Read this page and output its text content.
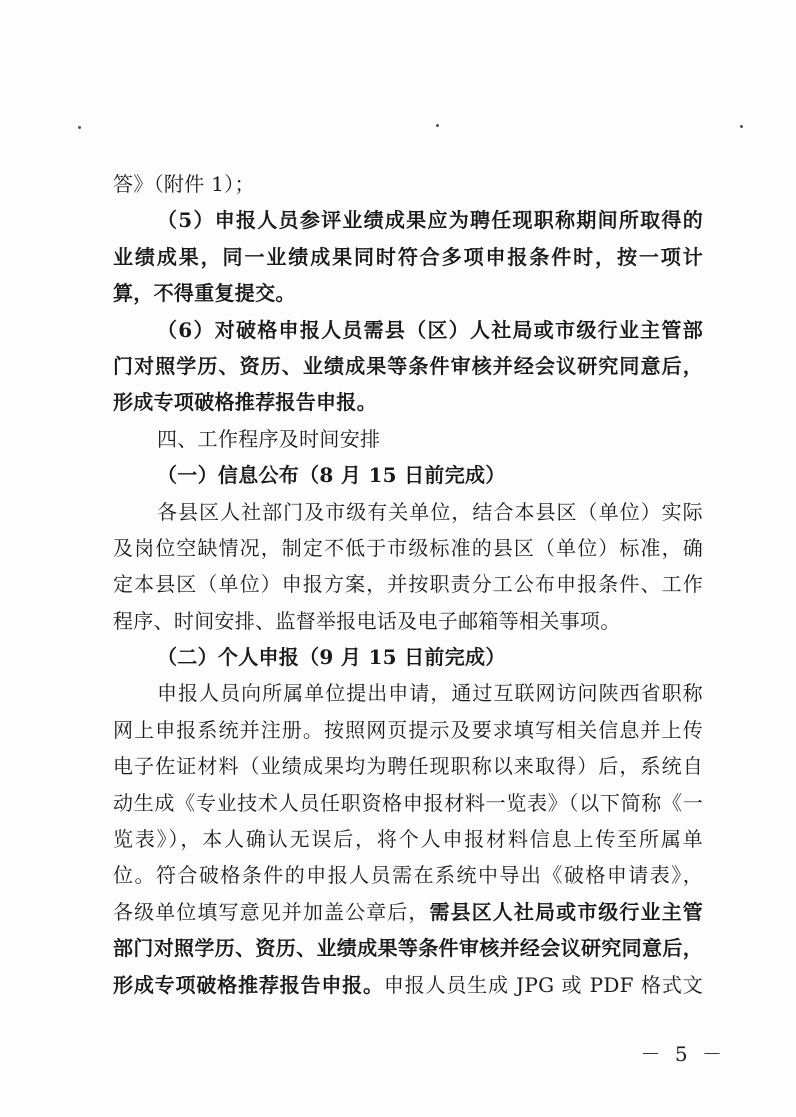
答》（附件 1）；
（5）申报人员参评业绩成果应为聘任现职称期间所取得的
业绩成果，同一业绩成果同时符合多项申报条件时，按一项计
算，不得重复提交。
（6）对破格申报人员需县（区）人社局或市级行业主管部
门对照学历、资历、业绩成果等条件审核并经会议研究同意后，
形成专项破格推荐报告申报。
四、工作程序及时间安排
（一）信息公布（8 月 15 日前完成）
各县区人社部门及市级有关单位，结合本县区（单位）实际
及岗位空缺情况，制定不低于市级标准的县区（单位）标准，确
定本县区（单位）申报方案，并按职责分工公布申报条件、工作
程序、时间安排、监督举报电话及电子邮箱等相关事项。
（二）个人申报（9 月 15 日前完成）
申报人员向所属单位提出申请，通过互联网访问陕西省职称
网上申报系统并注册。按照网页提示及要求填写相关信息并上传
电子佐证材料（业绩成果均为聘任现职称以来取得）后，系统自
动生成《专业技术人员任职资格申报材料一览表》（以下简称《一
览表》），本人确认无误后，将个人申报材料信息上传至所属单
位。符合破格条件的申报人员需在系统中导出《破格申请表》，
各级单位填写意见并加盖公章后，需县区人社局或市级行业主管
部门对照学历、资历、业绩成果等条件审核并经会议研究同意后，
形成专项破格推荐报告申报。申报人员生成 JPG 或 PDF 格式文
－ 5 －
